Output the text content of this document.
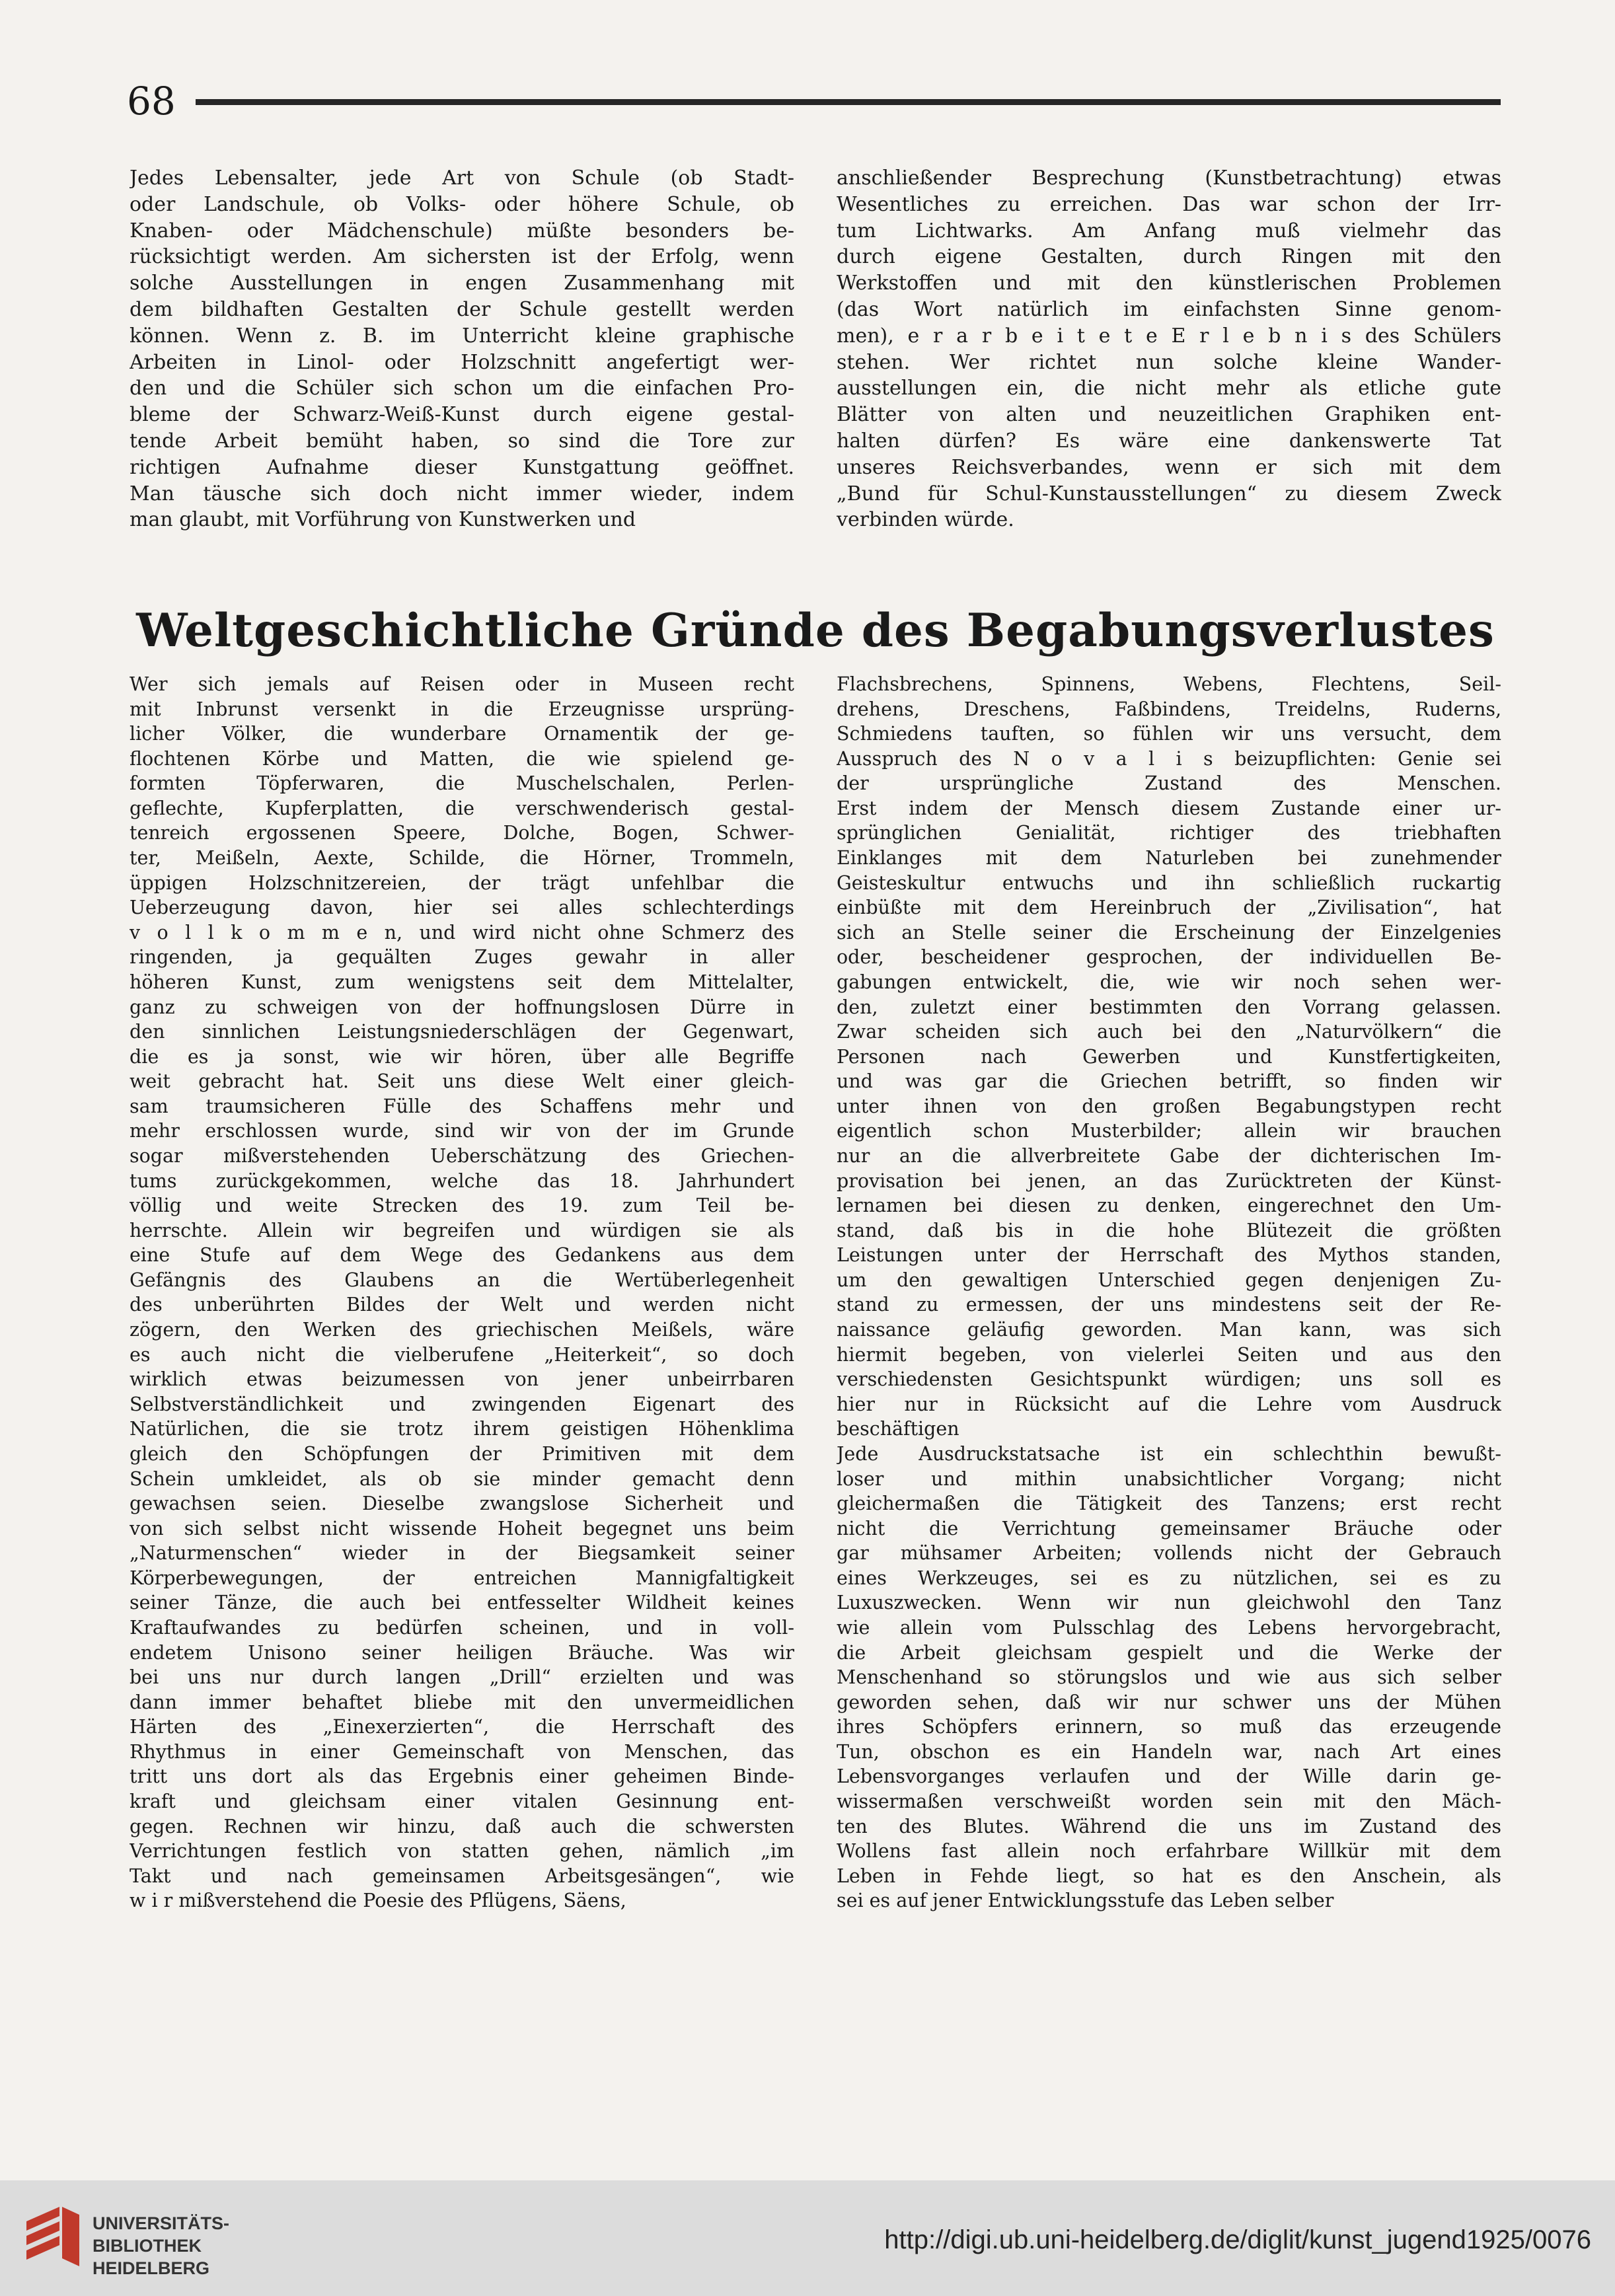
68

Jedes Lebensalter, jede Art von Schule (ob Stadt-

oder Landschule, ob Volks- oder höhere Schule, ob

Knaben- oder Mädchenschule) müßte besonders be-

rücksichtigt werden. Am sichersten ist der Erfolg, wenn

solche Ausstellungen in engen Zusammenhang mit

dem bildhaften Gestalten der Schule gestellt werden

können. Wenn z. B. im Unterricht kleine graphische

Arbeiten in Linol- oder Holzschnitt angefertigt wer-

den und die Schüler sich schon um die einfachen Pro-

bleme der Schwarz-Weiß-Kunst durch eigene gestal-

tende Arbeit bemüht haben, so sind die Tore zur

richtigen Aufnahme dieser Kunstgattung geöffnet.

Man täusche sich doch nicht immer wieder, indem

man glaubt, mit Vorführung von Kunstwerken und

anschließender Besprechung (Kunstbetrachtung) etwas

Wesentliches zu erreichen. Das war schon der Irr-

tum Lichtwarks. Am Anfang muß vielmehr das

durch eigene Gestalten, durch Ringen mit den

Werkstoffen und mit den künstlerischen Problemen

(das Wort natürlich im einfachsten Sinne genom-

men), e r a r b e i t e t e E r l e b n i s des Schülers

stehen. Wer richtet nun solche kleine Wander-

ausstellungen ein, die nicht mehr als etliche gute

Blätter von alten und neuzeitlichen Graphiken ent-

halten dürfen? Es wäre eine dankenswerte Tat

unseres Reichsverbandes, wenn er sich mit dem

„Bund für Schul-Kunstausstellungen“ zu diesem Zweck

verbinden würde.

Weltgeschichtliche Gründe des Begabungsverlustes

Wer sich jemals auf Reisen oder in Museen recht

mit Inbrunst versenkt in die Erzeugnisse ursprüng-

licher Völker, die wunderbare Ornamentik der ge-

flochtenen Körbe und Matten, die wie spielend ge-

formten Töpferwaren, die Muschelschalen, Perlen-

geflechte, Kupferplatten, die verschwenderisch gestal-

tenreich ergossenen Speere, Dolche, Bogen, Schwer-

ter, Meißeln, Aexte, Schilde, die Hörner, Trommeln,

üppigen Holzschnitzereien, der trägt unfehlbar die

Ueberzeugung davon, hier sei alles schlechterdings

v o l l k o m m e n, und wird nicht ohne Schmerz des

ringenden, ja gequälten Zuges gewahr in aller

höheren Kunst, zum wenigstens seit dem Mittelalter,

ganz zu schweigen von der hoffnungslosen Dürre in

den sinnlichen Leistungsniederschlägen der Gegenwart,

die es ja sonst, wie wir hören, über alle Begriffe

weit gebracht hat. Seit uns diese Welt einer gleich-

sam traumsicheren Fülle des Schaffens mehr und

mehr erschlossen wurde, sind wir von der im Grunde

sogar mißverstehenden Ueberschätzung des Griechen-

tums zurückgekommen, welche das 18. Jahrhundert

völlig und weite Strecken des 19. zum Teil be-

herrschte. Allein wir begreifen und würdigen sie als

eine Stufe auf dem Wege des Gedankens aus dem

Gefängnis des Glaubens an die Wertüberlegenheit

des unberührten Bildes der Welt und werden nicht

zögern, den Werken des griechischen Meißels, wäre

es auch nicht die vielberufene „Heiterkeit“, so doch

wirklich etwas beizumessen von jener unbeirrbaren

Selbstverständlichkeit und zwingenden Eigenart des

Natürlichen, die sie trotz ihrem geistigen Höhenklima

gleich den Schöpfungen der Primitiven mit dem

Schein umkleidet, als ob sie minder gemacht denn

gewachsen seien. Dieselbe zwangslose Sicherheit und

von sich selbst nicht wissende Hoheit begegnet uns beim

„Naturmenschen“ wieder in der Biegsamkeit seiner

Körperbewegungen, der entreichen Mannigfaltigkeit

seiner Tänze, die auch bei entfesselter Wildheit keines

Kraftaufwandes zu bedürfen scheinen, und in voll-

endetem Unisono seiner heiligen Bräuche. Was wir

bei uns nur durch langen „Drill“ erzielten und was

dann immer behaftet bliebe mit den unvermeidlichen

Härten des „Einexerzierten“, die Herrschaft des

Rhythmus in einer Gemeinschaft von Menschen, das

tritt uns dort als das Ergebnis einer geheimen Binde-

kraft und gleichsam einer vitalen Gesinnung ent-

gegen. Rechnen wir hinzu, daß auch die schwersten

Verrichtungen festlich von statten gehen, nämlich „im

Takt und nach gemeinsamen Arbeitsgesängen“, wie

w i r mißverstehend die Poesie des Pflügens, Säens,

Flachsbrechens, Spinnens, Webens, Flechtens, Seil-

drehens, Dreschens, Faßbindens, Treidelns, Ruderns,

Schmiedens tauften, so fühlen wir uns versucht, dem

Ausspruch des N o v a l i s beizupflichten: Genie sei

der ursprüngliche Zustand des Menschen.

Erst indem der Mensch diesem Zustande einer ur-

sprünglichen Genialität, richtiger des triebhaften

Einklanges mit dem Naturleben bei zunehmender

Geisteskultur entwuchs und ihn schließlich ruckartig

einbüßte mit dem Hereinbruch der „Zivilisation“, hat

sich an Stelle seiner die Erscheinung der Einzelgenies

oder, bescheidener gesprochen, der individuellen Be-

gabungen entwickelt, die, wie wir noch sehen wer-

den, zuletzt einer bestimmten den Vorrang gelassen.

Zwar scheiden sich auch bei den „Naturvölkern“ die

Personen nach Gewerben und Kunstfertigkeiten,

und was gar die Griechen betrifft, so finden wir

unter ihnen von den großen Begabungstypen recht

eigentlich schon Musterbilder; allein wir brauchen

nur an die allverbreitete Gabe der dichterischen Im-

provisation bei jenen, an das Zurücktreten der Künst-

lernamen bei diesen zu denken, eingerechnet den Um-

stand, daß bis in die hohe Blütezeit die größten

Leistungen unter der Herrschaft des Mythos standen,

um den gewaltigen Unterschied gegen denjenigen Zu-

stand zu ermessen, der uns mindestens seit der Re-

naissance geläufig geworden. Man kann, was sich

hiermit begeben, von vielerlei Seiten und aus den

verschiedensten Gesichtspunkt würdigen; uns soll es

hier nur in Rücksicht auf die Lehre vom Ausdruck

beschäftigen

Jede Ausdruckstatsache ist ein schlechthin bewußt-

loser und mithin unabsichtlicher Vorgang; nicht

gleichermaßen die Tätigkeit des Tanzens; erst recht

nicht die Verrichtung gemeinsamer Bräuche oder

gar mühsamer Arbeiten; vollends nicht der Gebrauch

eines Werkzeuges, sei es zu nützlichen, sei es zu

Luxuszwecken. Wenn wir nun gleichwohl den Tanz

wie allein vom Pulsschlag des Lebens hervorgebracht,

die Arbeit gleichsam gespielt und die Werke der

Menschenhand so störungslos und wie aus sich selber

geworden sehen, daß wir nur schwer uns der Mühen

ihres Schöpfers erinnern, so muß das erzeugende

Tun, obschon es ein Handeln war, nach Art eines

Lebensvorganges verlaufen und der Wille darin ge-

wissermaßen verschweißt worden sein mit den Mäch-

ten des Blutes. Während die uns im Zustand des

Wollens fast allein noch erfahrbare Willkür mit dem

Leben in Fehde liegt, so hat es den Anschein, als

sei es auf jener Entwicklungsstufe das Leben selber

UNIVERSITÄTS-
BIBLIOTHEK
HEIDELBERG
http://digi.ub.uni-heidelberg.de/diglit/kunst_jugend1925/0076
